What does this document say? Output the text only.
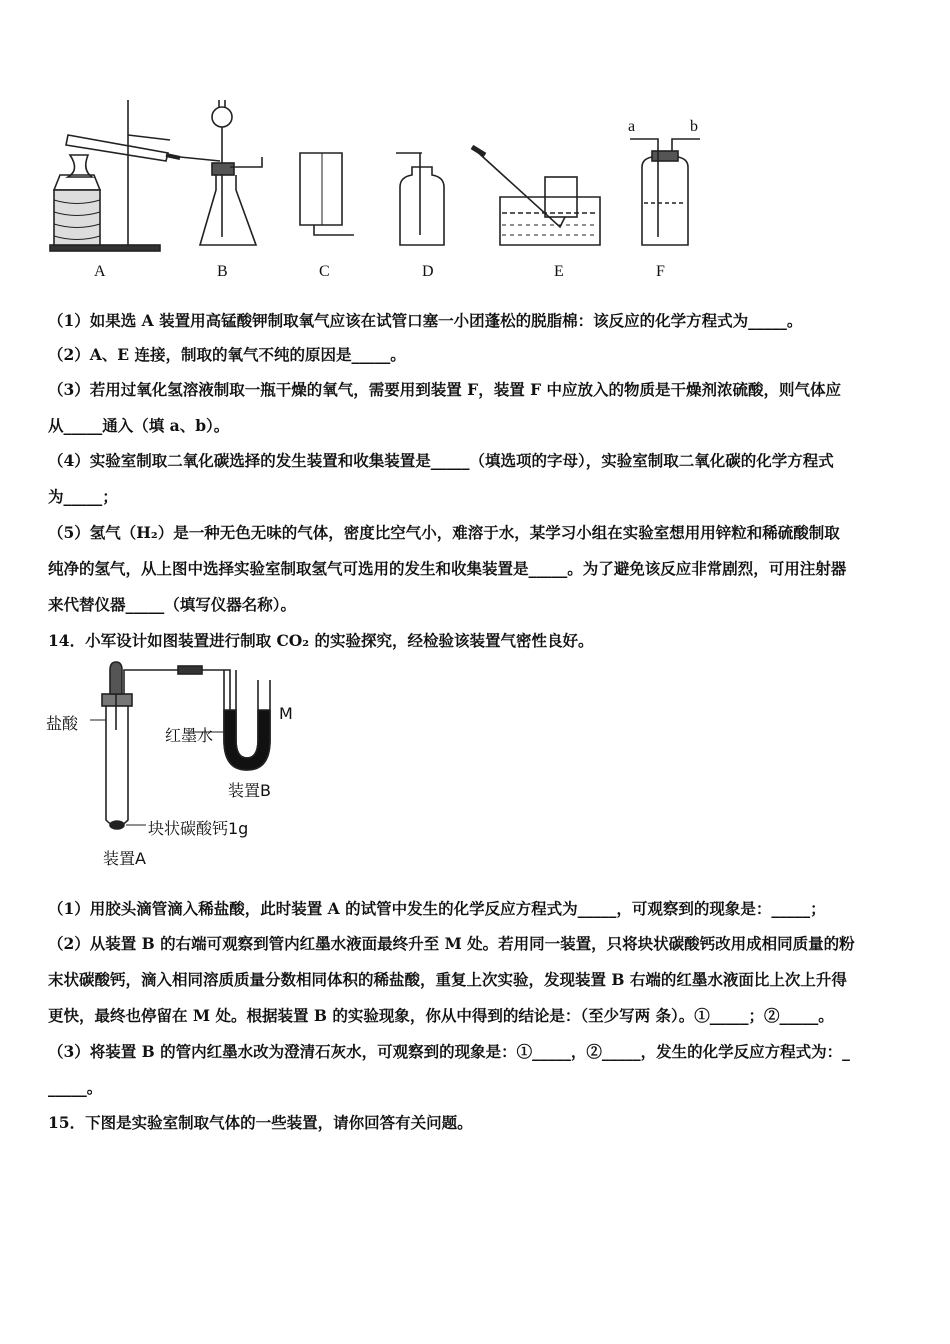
a	b
A	B	C	D	E	F
（1）如果选 A 装置用高锰酸钾制取氧气应该在试管口塞一小团蓬松的脱脂棉：该反应的化学方程式为_____。
（2）A、E 连接，制取的氧气不纯的原因是_____。
（3）若用过氧化氢溶液制取一瓶干燥的氧气，需要用到装置 F，装置 F 中应放入的物质是干燥剂浓硫酸，则气体应
从_____通入（填 a、b）。
（4）实验室制取二氧化碳选择的发生装置和收集装置是_____（填选项的字母），实验室制取二氧化碳的化学方程式
为_____；
（5）氢气（H₂）是一种无色无味的气体，密度比空气小，难溶于水，某学习小组在实验室想用用锌粒和稀硫酸制取
纯净的氢气，从上图中选择实验室制取氢气可选用的发生和收集装置是_____。为了避免该反应非常剧烈，可用注射器
来代替仪器_____（填写仪器名称）。
14．小军设计如图装置进行制取 CO₂ 的实验探究，经检验该装置气密性良好。
盐酸
红墨水
M
装置B
块状碳酸钙1g
装置A
（1）用胶头滴管滴入稀盐酸，此时装置 A 的试管中发生的化学反应方程式为_____，可观察到的现象是：_____；
（2）从装置 B 的右端可观察到管内红墨水液面最终升至 M 处。若用同一装置，只将块状碳酸钙改用成相同质量的粉
末状碳酸钙，滴入相同溶质质量分数相同体积的稀盐酸，重复上次实验，发现装置 B 右端的红墨水液面比上次上升得
更快，最终也停留在 M 处。根据装置 B 的实验现象，你从中得到的结论是：（至少写两 条）。①_____；②_____。
（3）将装置 B 的管内红墨水改为澄清石灰水，可观察到的现象是：①_____，②_____，发生的化学反应方程式为：_
_____。
15．下图是实验室制取气体的一些装置，请你回答有关问题。
